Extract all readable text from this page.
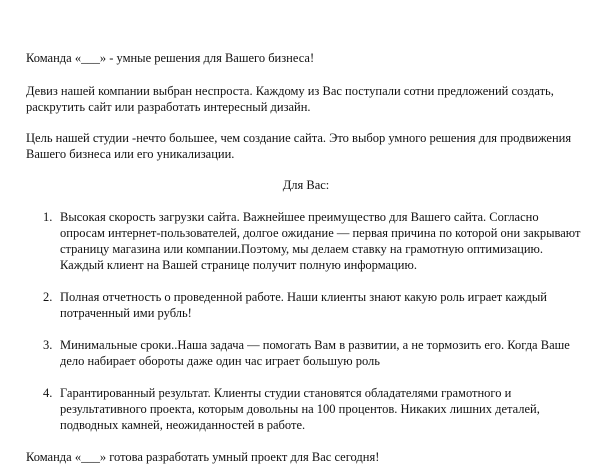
Команда «___» - умные решения для Вашего бизнеса!

Девиз нашей компании выбран неспроста. Каждому из Вас поступали сотни предложений создать, раскрутить сайт или разработать интересный дизайн.

Цель нашей студии -нечто большее, чем создание сайта. Это выбор умного решения для продвижения Вашего бизнеса или его уникализации.

Для Вас:

1. Высокая скорость загрузки сайта. Важнейшее преимущество для Вашего сайта. Согласно опросам интернет-пользователей, долгое ожидание — первая причина по которой они закрывают страницу магазина или компании.Поэтому, мы делаем ставку на грамотную оптимизацию. Каждый клиент на Вашей странице получит полную информацию.
2. Полная отчетность о проведенной работе. Наши клиенты знают какую роль играет каждый потраченный ими рубль!
3. Минимальные сроки..Наша задача — помогать Вам в развитии, а не тормозить его. Когда Ваше дело набирает обороты даже один час играет большую роль
4. Гарантированный результат. Клиенты студии становятся обладателями грамотного и результативного проекта, которым довольны на 100 процентов. Никаких лишних деталей, подводных камней, неожиданностей в работе.

Команда «___» готова разработать умный проект для Вас сегодня!
